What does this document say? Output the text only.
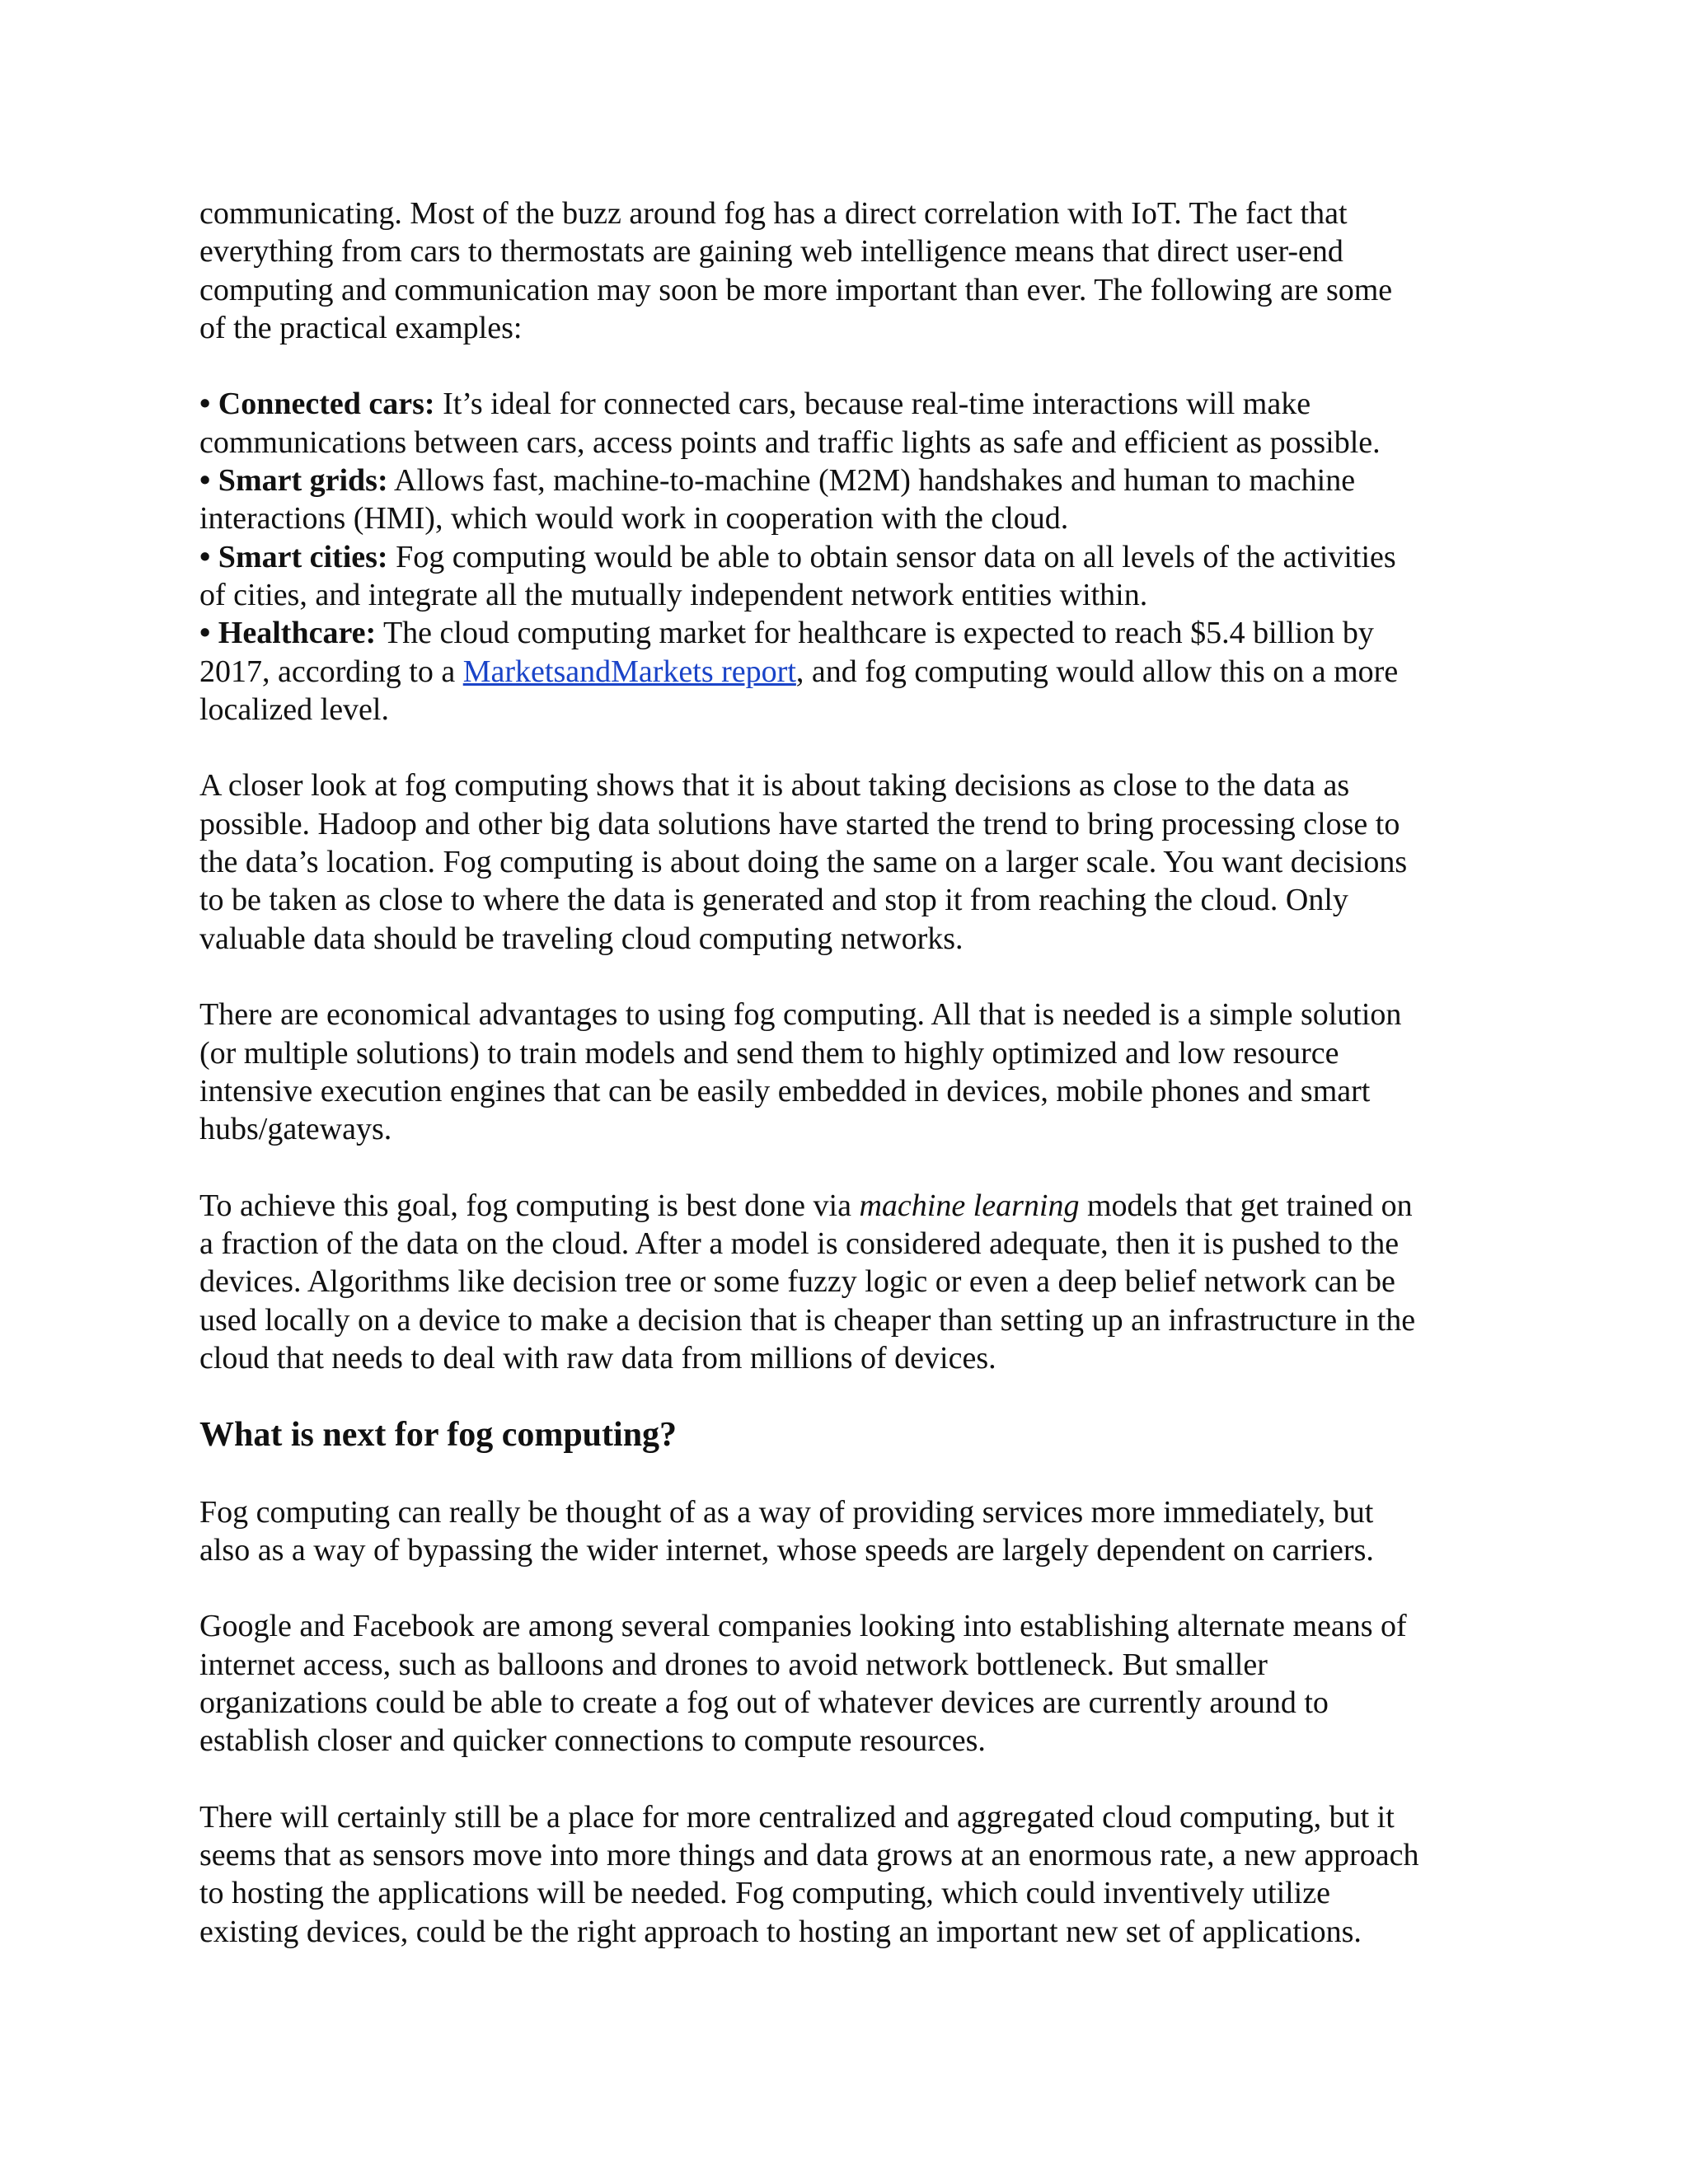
communicating. Most of the buzz around fog has a direct correlation with IoT. The fact that
everything from cars to thermostats are gaining web intelligence means that direct user-end
computing and communication may soon be more important than ever. The following are some
of the practical examples:

• Connected cars: It’s ideal for connected cars, because real-time interactions will make
communications between cars, access points and traffic lights as safe and efficient as possible.
• Smart grids: Allows fast, machine-to-machine (M2M) handshakes and human to machine
interactions (HMI), which would work in cooperation with the cloud.
• Smart cities: Fog computing would be able to obtain sensor data on all levels of the activities
of cities, and integrate all the mutually independent network entities within.
• Healthcare: The cloud computing market for healthcare is expected to reach $5.4 billion by
2017, according to a MarketsandMarkets report, and fog computing would allow this on a more
localized level.

A closer look at fog computing shows that it is about taking decisions as close to the data as
possible. Hadoop and other big data solutions have started the trend to bring processing close to
the data’s location. Fog computing is about doing the same on a larger scale. You want decisions
to be taken as close to where the data is generated and stop it from reaching the cloud. Only
valuable data should be traveling cloud computing networks.

There are economical advantages to using fog computing. All that is needed is a simple solution
(or multiple solutions) to train models and send them to highly optimized and low resource
intensive execution engines that can be easily embedded in devices, mobile phones and smart
hubs/gateways.

To achieve this goal, fog computing is best done via machine learning models that get trained on
a fraction of the data on the cloud. After a model is considered adequate, then it is pushed to the
devices. Algorithms like decision tree or some fuzzy logic or even a deep belief network can be
used locally on a device to make a decision that is cheaper than setting up an infrastructure in the
cloud that needs to deal with raw data from millions of devices.

What is next for fog computing?

Fog computing can really be thought of as a way of providing services more immediately, but
also as a way of bypassing the wider internet, whose speeds are largely dependent on carriers.

Google and Facebook are among several companies looking into establishing alternate means of
internet access, such as balloons and drones to avoid network bottleneck. But smaller
organizations could be able to create a fog out of whatever devices are currently around to
establish closer and quicker connections to compute resources.

There will certainly still be a place for more centralized and aggregated cloud computing, but it
seems that as sensors move into more things and data grows at an enormous rate, a new approach
to hosting the applications will be needed. Fog computing, which could inventively utilize
existing devices, could be the right approach to hosting an important new set of applications.
